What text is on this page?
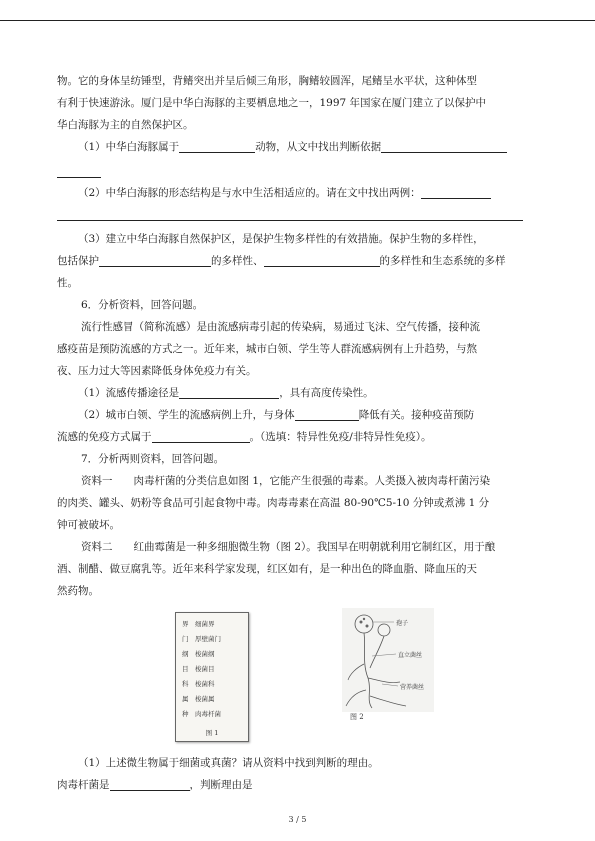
物。它的身体呈纺锤型，背鳍突出并呈后倾三角形，胸鳍较圆浑，尾鳍呈水平状，这种体型

有利于快速游泳。厦门是中华白海豚的主要栖息地之一，1997 年国家在厦门建立了以保护中

华白海豚为主的自然保护区。

（1）中华白海豚属于	动物，从文中找出判断依据

（2）中华白海豚的形态结构是与水中生活相适应的。请在文中找出两例：

（3）建立中华白海豚自然保护区，是保护生物多样性的有效措施。保护生物的多样性，

包括保护	的多样性、	的多样性和生态系统的多样

性。

6．分析资料，回答问题。

流行性感冒（简称流感）是由流感病毒引起的传染病，易通过飞沫、空气传播，接种流

感疫苗是预防流感的方式之一。近年来，城市白领、学生等人群流感病例有上升趋势，与熬

夜、压力过大等因素降低身体免疫力有关。

（1）流感传播途径是	，具有高度传染性。

（2）城市白领、学生的流感病例上升，与身体	降低有关。接种疫苗预防

流感的免疫方式属于	。（选填：特异性免疫/非特异性免疫）。

7．分析两则资料，回答问题。

资料一　　肉毒杆菌的分类信息如图 1，它能产生很强的毒素。人类摄入被肉毒杆菌污染

的肉类、罐头、奶粉等食品可引起食物中毒。肉毒毒素在高温 80-90℃5-10 分钟或煮沸 1 分

钟可被破坏。

资料二　　红曲霉菌是一种多细胞微生物（图 2）。我国早在明朝就利用它制红区，用于酿

酒、制醋、做豆腐乳等。近年来科学家发现，红区如有，是一种出色的降血脂、降血压的天

然药物。

界　细菌界
门　厚壁菌门
纲　梭菌纲
目　梭菌目
科　梭菌科
属　梭菌属
种　肉毒杆菌
图 1
孢子
直立菌丝
营养菌丝
图 2

（1）上述微生物属于细菌或真菌？请从资料中找到判断的理由。

肉毒杆菌是	，判断理由是

3 / 5
